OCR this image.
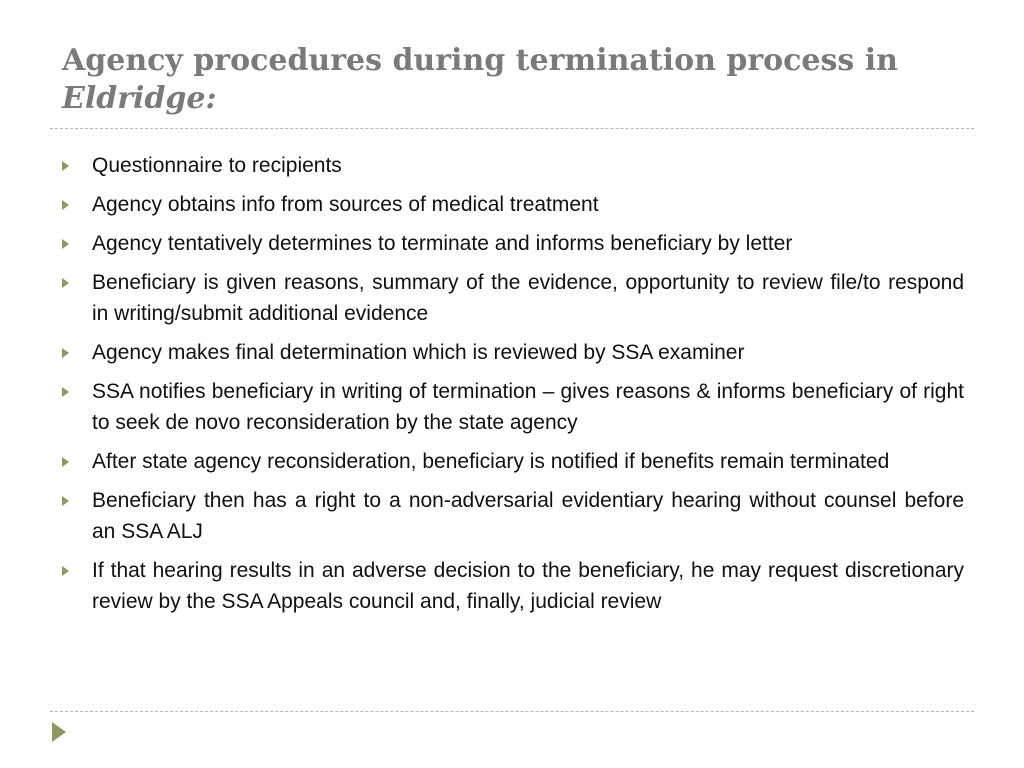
Agency procedures during termination process in
Eldridge:
Questionnaire to recipients
Agency obtains info from sources of medical treatment
Agency tentatively determines to terminate and informs beneficiary by letter
Beneficiary is given reasons, summary of the evidence, opportunity to review file/to respond in writing/submit additional evidence
Agency makes final determination which is reviewed by SSA examiner
SSA notifies beneficiary in writing of termination – gives reasons & informs beneficiary of right to seek de novo reconsideration by the state agency
After state agency reconsideration, beneficiary is notified if benefits remain terminated
Beneficiary then has a right to a non-adversarial evidentiary hearing without counsel before an SSA ALJ
If that hearing results in an adverse decision to the beneficiary, he may request discretionary review by the SSA Appeals council and, finally, judicial review
